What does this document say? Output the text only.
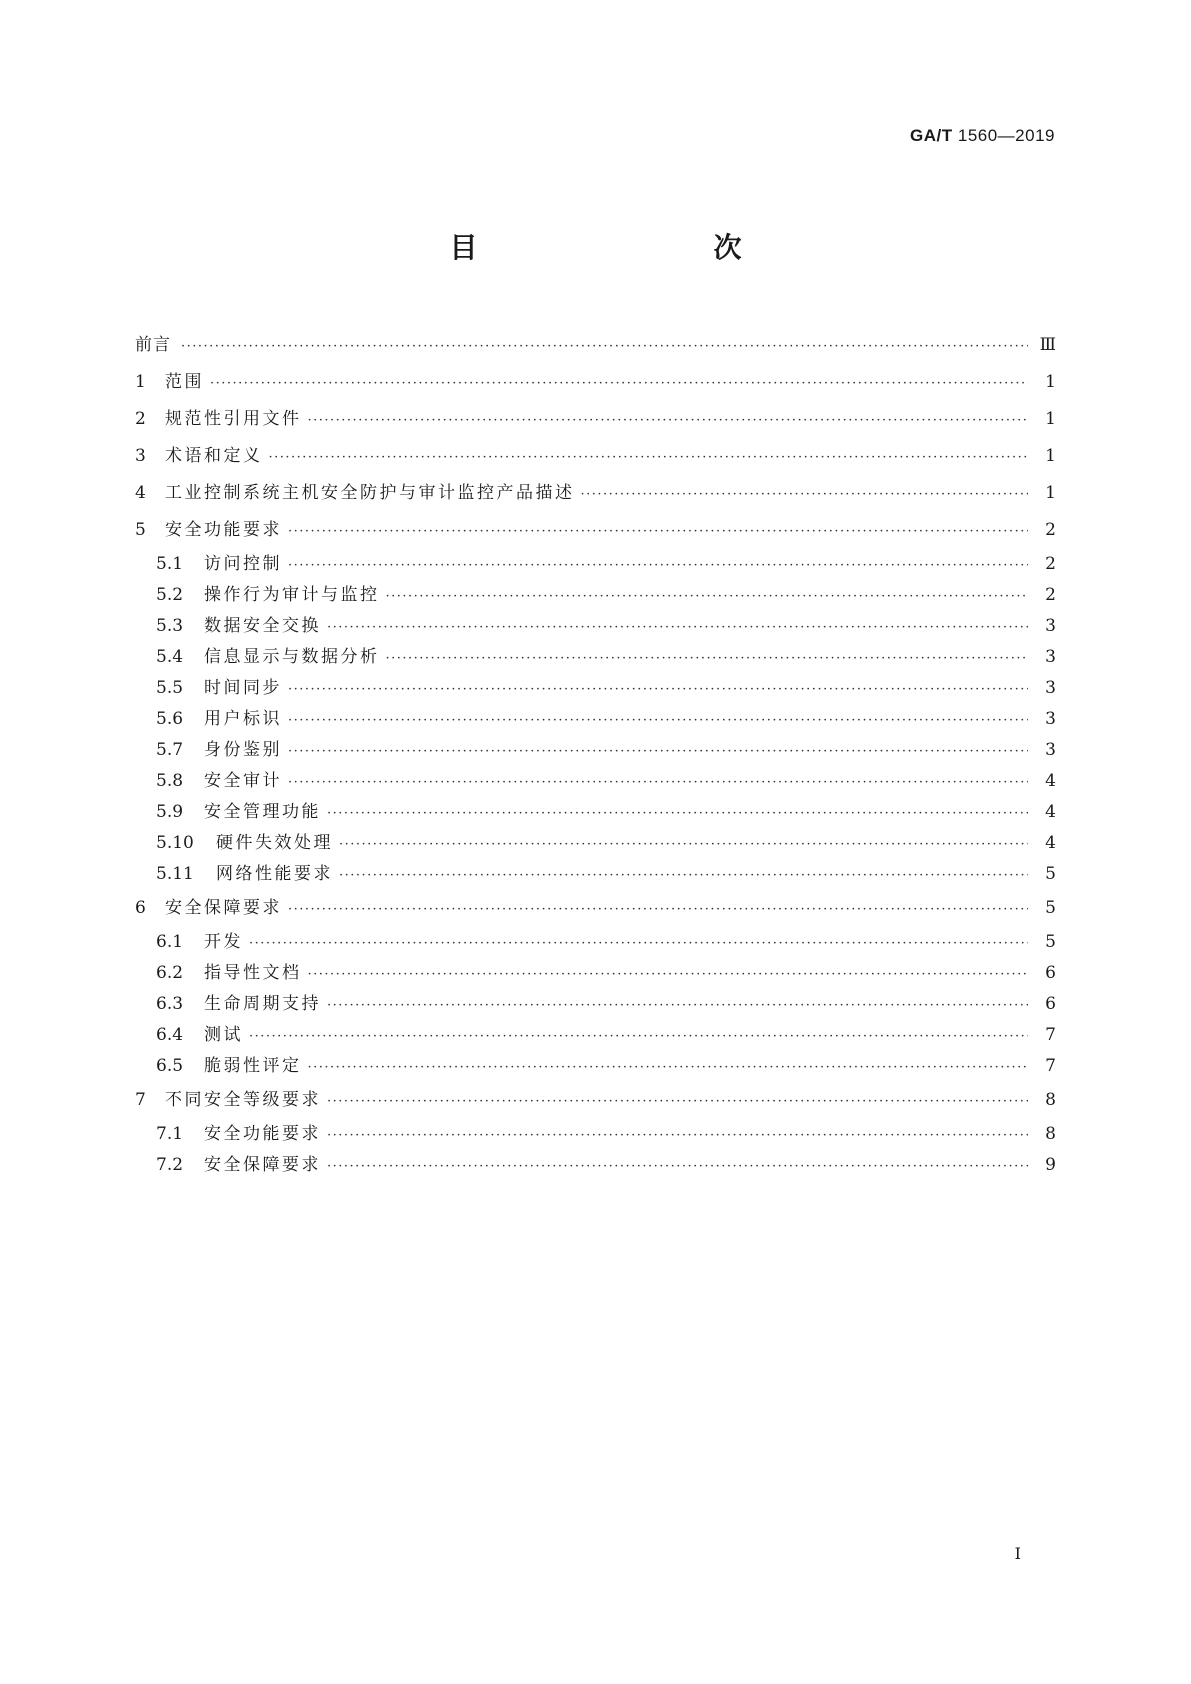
GA/T 1560—2019
目　　次
前言 ·····	Ⅲ
1	范围 ·····	1
2	规范性引用文件 ·····	1
3	术语和定义 ·····	1
4	工业控制系统主机安全防护与审计监控产品描述 ·····	1
5	安全功能要求 ·····	2
5.1	访问控制 ·····	2
5.2	操作行为审计与监控 ·····	2
5.3	数据安全交换 ·····	3
5.4	信息显示与数据分析 ·····	3
5.5	时间同步 ·····	3
5.6	用户标识 ·····	3
5.7	身份鉴别 ·····	3
5.8	安全审计 ·····	4
5.9	安全管理功能 ·····	4
5.10	硬件失效处理 ·····	4
5.11	网络性能要求 ·····	5
6	安全保障要求 ·····	5
6.1	开发 ·····	5
6.2	指导性文档 ·····	6
6.3	生命周期支持 ·····	6
6.4	测试 ·····	7
6.5	脆弱性评定 ·····	7
7	不同安全等级要求 ·····	8
7.1	安全功能要求 ·····	8
7.2	安全保障要求 ·····	9
I
